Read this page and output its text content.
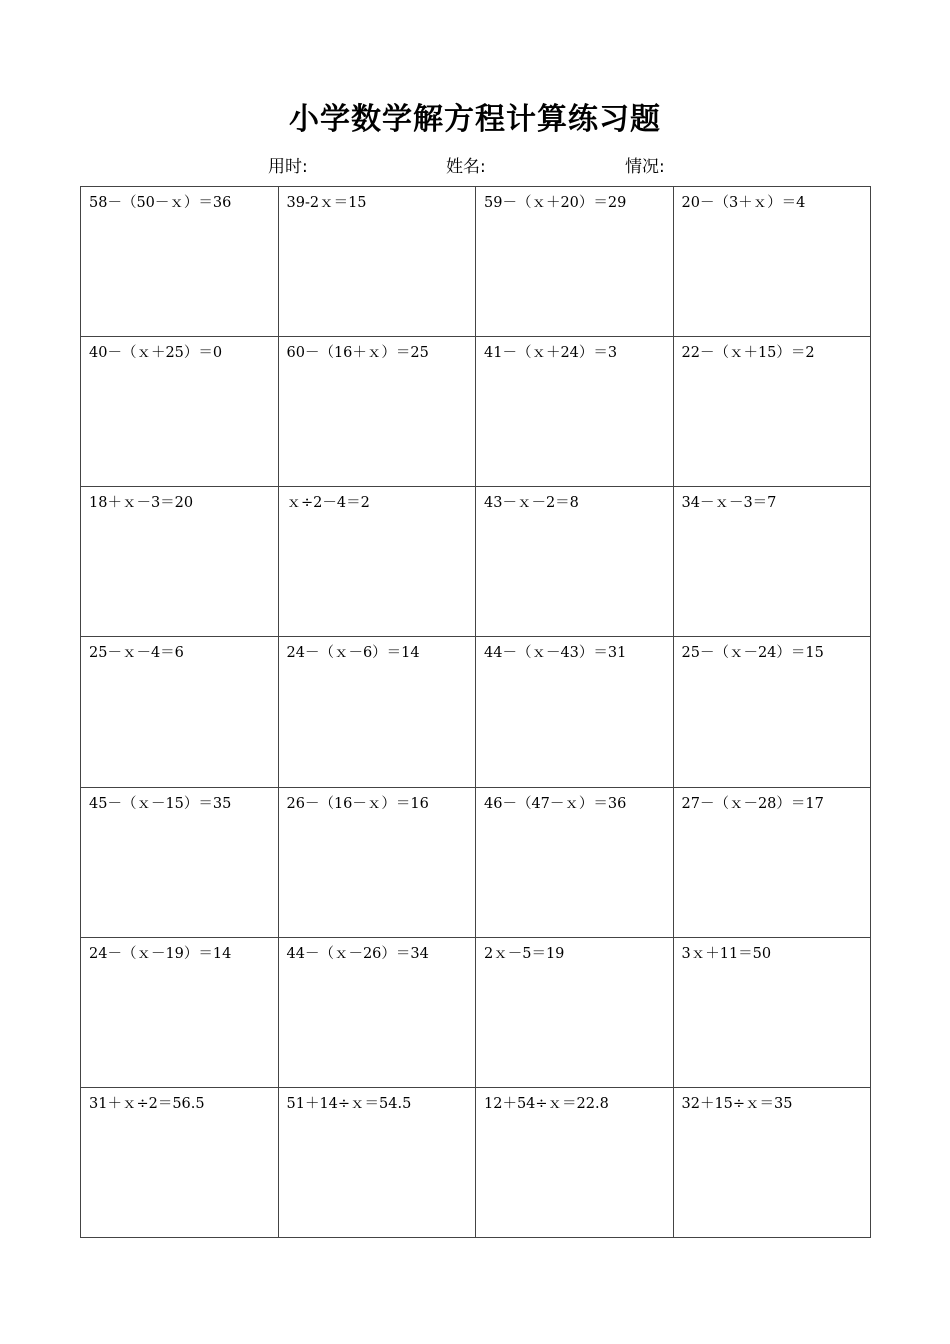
小学数学解方程计算练习题
用时:	姓名:	情况:
58－（50－ｘ）＝36	39-2ｘ＝15	59－（ｘ＋20）＝29	20－（3＋ｘ）＝4
40－（ｘ＋25）＝0	60－（16＋ｘ）＝25	41－（ｘ＋24）＝3	22－（ｘ＋15）＝2
18＋ｘ－3＝20	ｘ÷2－4＝2	43－ｘ－2＝8	34－ｘ－3＝7
25－ｘ－4＝6	24－（ｘ－6）＝14	44－（ｘ－43）＝31	25－（ｘ－24）＝15
45－（ｘ－15）＝35	26－（16－ｘ）＝16	46－（47－ｘ）＝36	27－（ｘ－28）＝17
24－（ｘ－19）＝14	44－（ｘ－26）＝34	2ｘ－5＝19	3ｘ＋11＝50
31＋ｘ÷2＝56.5	51＋14÷ｘ＝54.5	12＋54÷ｘ＝22.8	32＋15÷ｘ＝35
